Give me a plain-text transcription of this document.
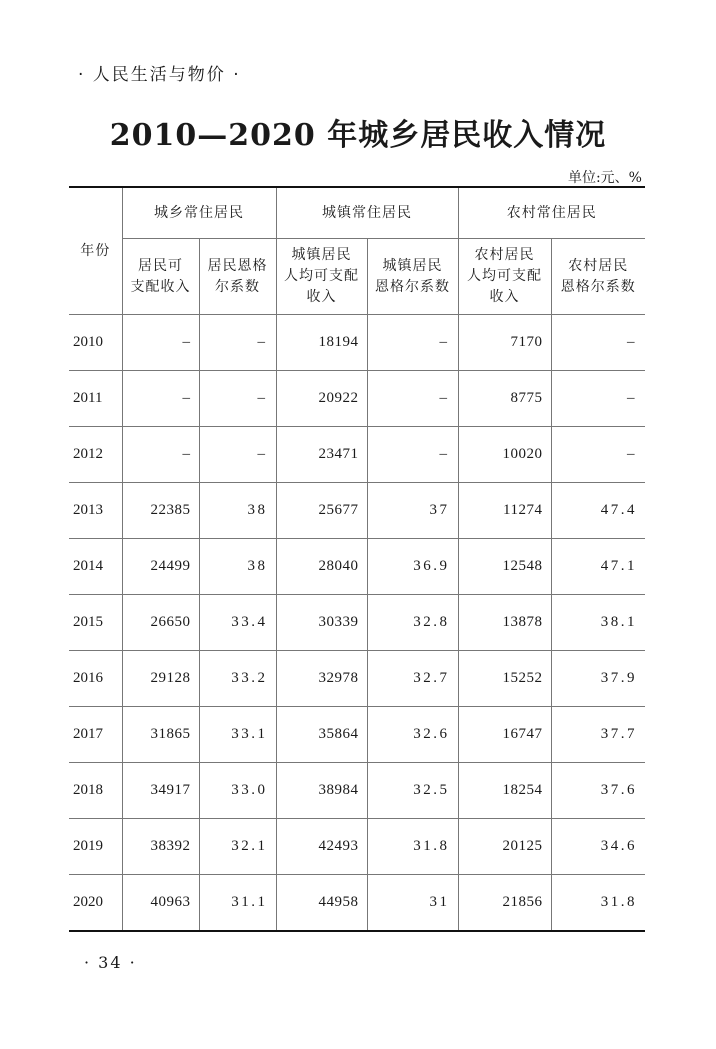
· 人民生活与物价 ·
2010—2020 年城乡居民收入情况
单位:元、%
年份	城乡常住居民		城镇常住居民		农村常住居民	
	居民可
支配收入	居民恩格
尔系数	城镇居民
人均可支配
收入	城镇居民
恩格尔系数	农村居民
人均可支配
收入	农村居民
恩格尔系数
2010	–	–	18194	–	7170	–
2011	–	–	20922	–	8775	–
2012	–	–	23471	–	10020	–
2013	22385	38	25677	37	11274	47.4
2014	24499	38	28040	36.9	12548	47.1
2015	26650	33.4	30339	32.8	13878	38.1
2016	29128	33.2	32978	32.7	15252	37.9
2017	31865	33.1	35864	32.6	16747	37.7
2018	34917	33.0	38984	32.5	18254	37.6
2019	38392	32.1	42493	31.8	20125	34.6
2020	40963	31.1	44958	31	21856	31.8
· 34 ·
